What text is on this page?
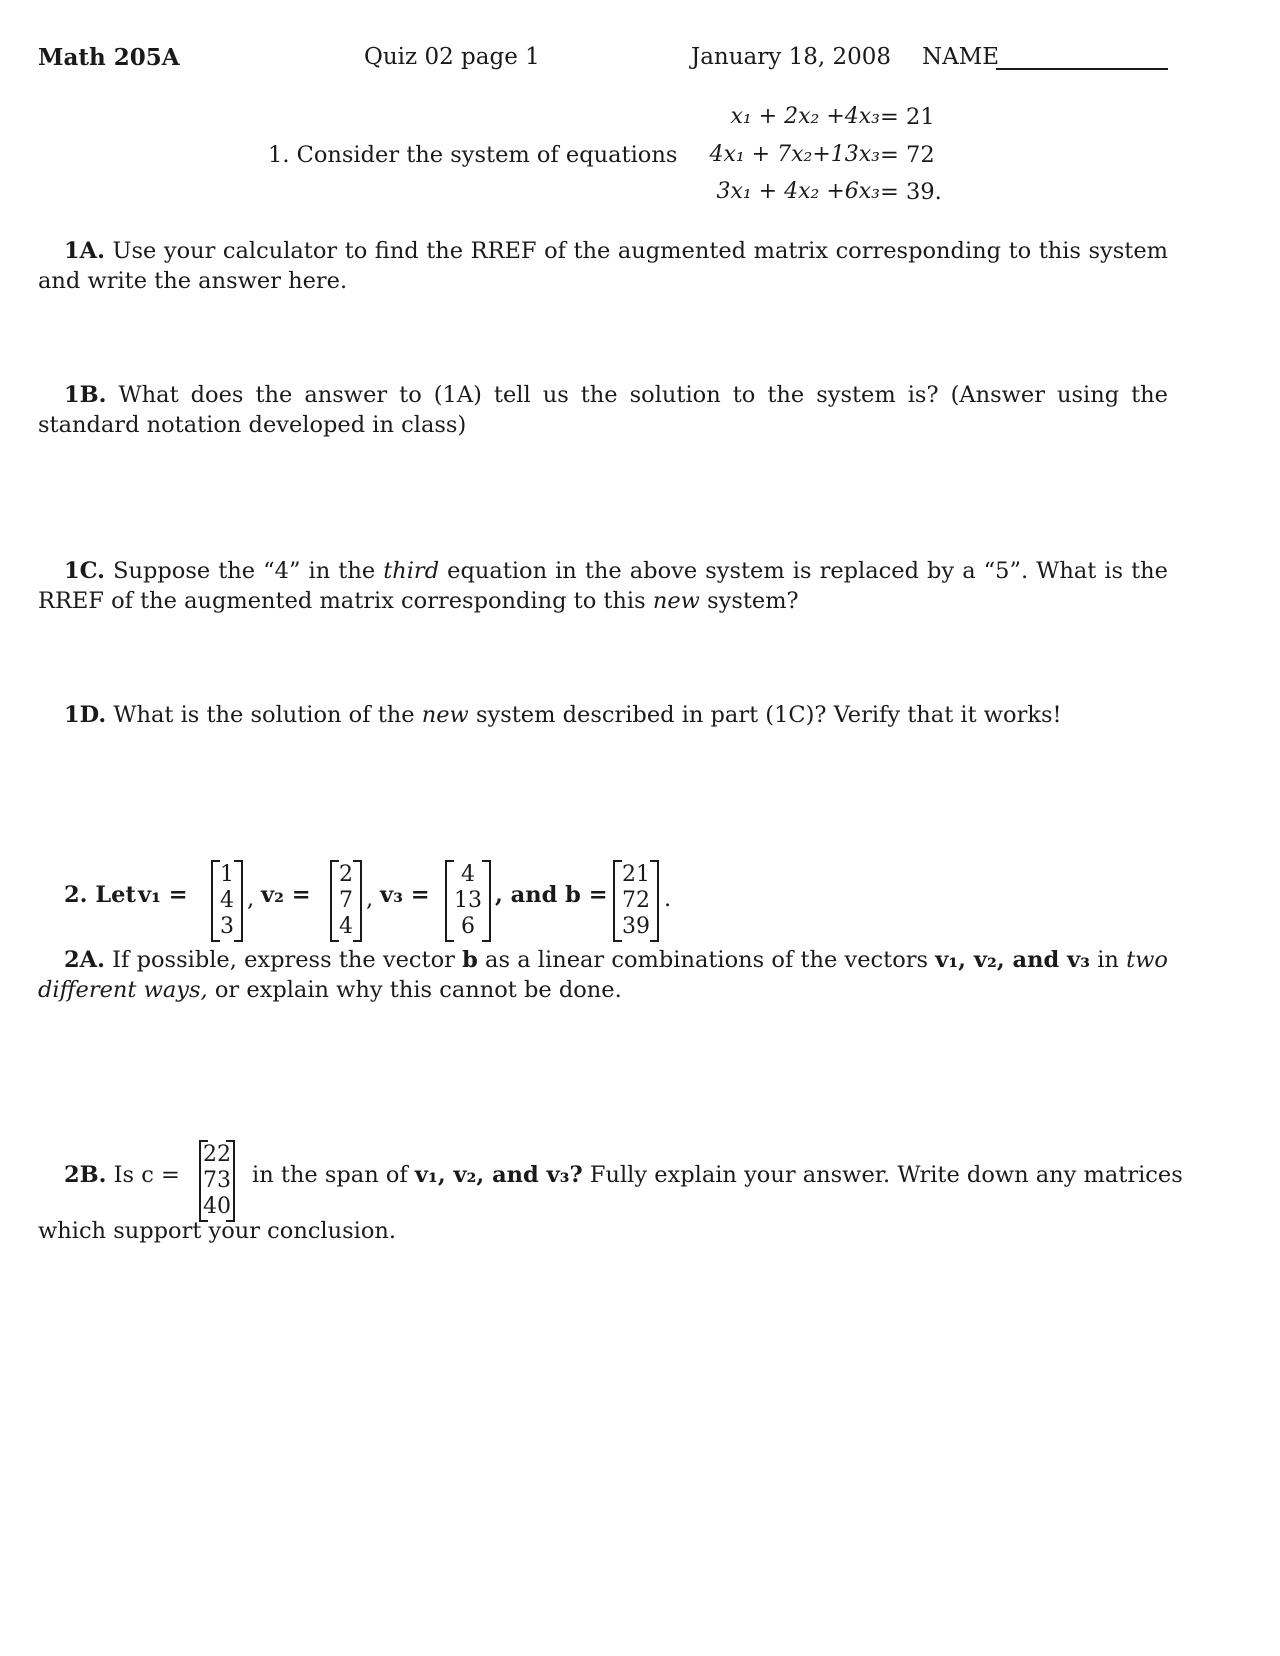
Math 205A	Quiz 02 page 1	January 18, 2008 NAME
1. Consider the system of equations
x₁ + 2x₂ +4x₃ = 21
4x₁ + 7x₂+13x₃ = 72
3x₁ + 4x₂ +6x₃ = 39.
1A. Use your calculator to find the RREF of the augmented matrix corresponding to this system and write the answer here.
1B. What does the answer to (1A) tell us the solution to the system is? (Answer using the standard notation developed in class)
1C. Suppose the “4” in the third equation in the above system is replaced by a “5”. What is the RREF of the augmented matrix corresponding to this new system?
1D. What is the solution of the new system described in part (1C)? Verify that it works!
2. Let v₁ =
1
4
3
, v₂ =
2
7
4
, v₃ =
4
13
6
, and b =
21
72
39
.
2A. If possible, express the vector b as a linear combinations of the vectors v₁, v₂, and v₃ in two different ways, or explain why this cannot be done.
2B. Is c =
22
73
40
in the span of v₁, v₂, and v₃? Fully explain your answer. Write down any matrices
which support your conclusion.
